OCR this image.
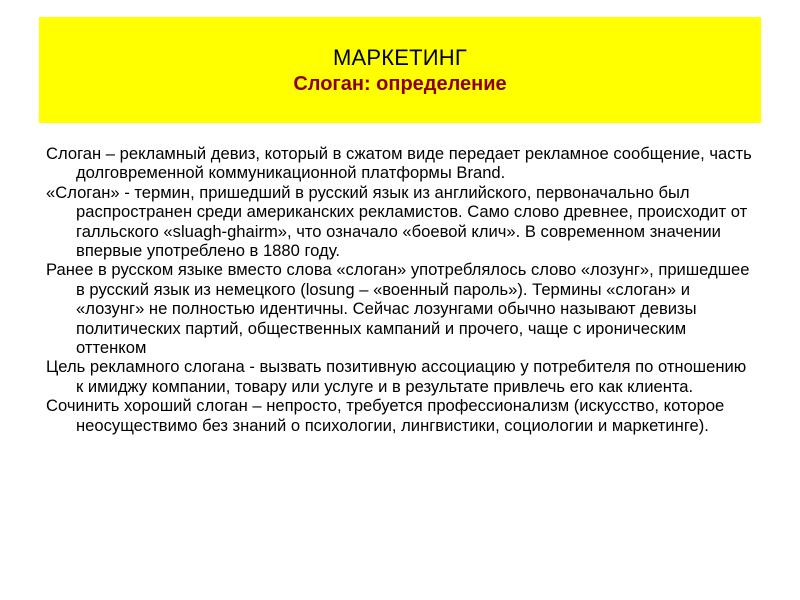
МАРКЕТИНГ
Слоган: определение

Слоган – рекламный девиз, который в сжатом виде передает рекламное сообщение, часть долговременной коммуникационной платформы Brand.

«Слоган» - термин, пришедший в русский язык из английского, первоначально был распространен среди американских рекламистов. Само слово древнее, происходит от галльского «sluagh-ghairm», что означало «боевой клич». В современном значении впервые употреблено в 1880 году.

Ранее в русском языке вместо слова «слоган» употреблялось слово «лозунг», пришедшее в русский язык из немецкого (losung – «военный пароль»). Термины «слоган» и «лозунг» не полностью идентичны. Сейчас лозунгами обычно называют девизы политических партий, общественных кампаний и прочего, чаще с ироническим оттенком

Цель рекламного слогана - вызвать позитивную ассоциацию у потребителя по отношению к имиджу компании, товару или услуге и в результате привлечь его как клиента.

Сочинить хороший слоган – непросто, требуется профессионализм (искусство, которое неосуществимо без знаний о психологии, лингвистики, социологии и маркетинге).
